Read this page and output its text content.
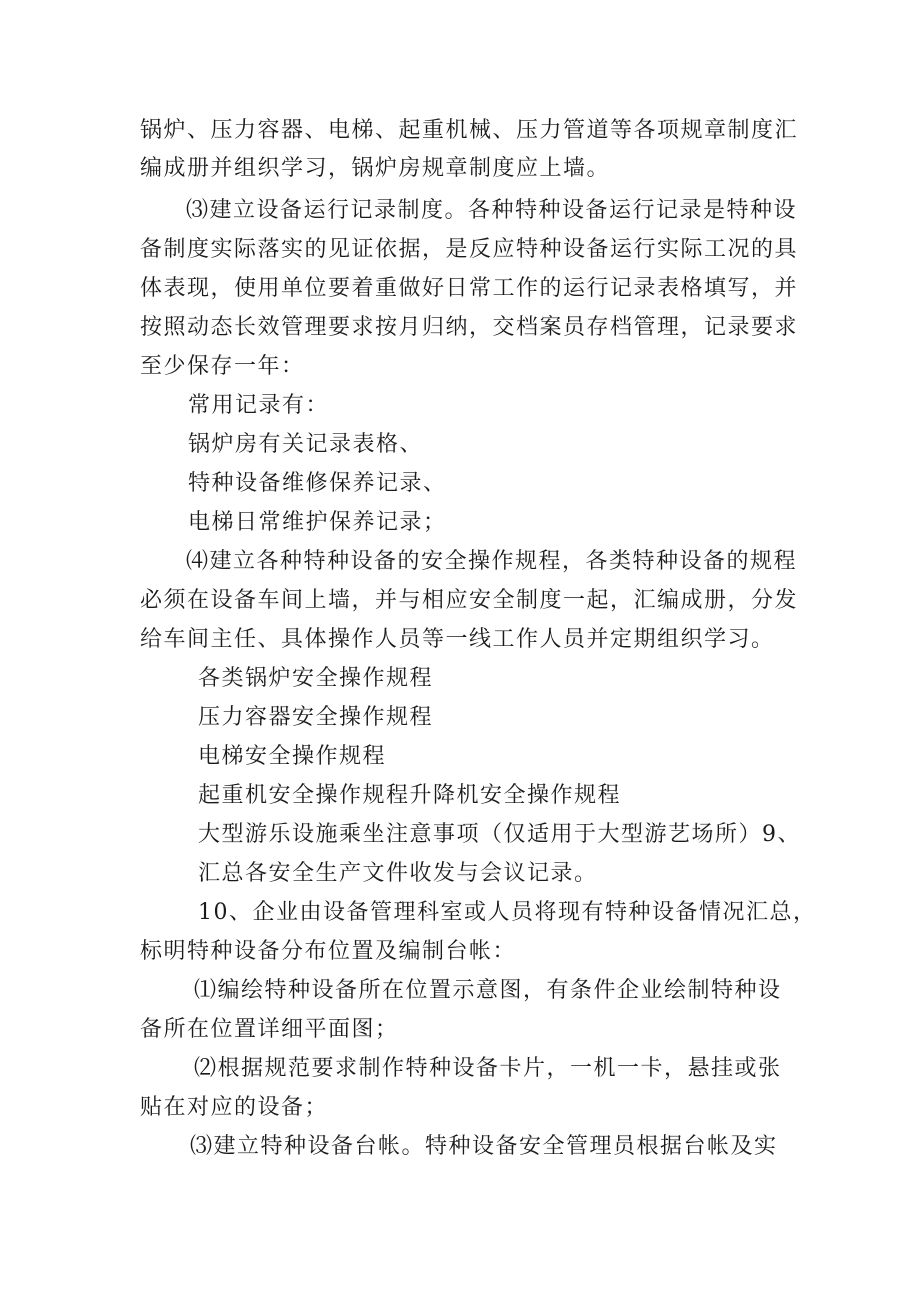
锅炉、压力容器、电梯、起重机械、压力管道等各项规章制度汇
编成册并组织学习，锅炉房规章制度应上墙。
⑶建立设备运行记录制度。各种特种设备运行记录是特种设
备制度实际落实的见证依据，是反应特种设备运行实际工况的具
体表现，使用单位要着重做好日常工作的运行记录表格填写，并
按照动态长效管理要求按月归纳，交档案员存档管理，记录要求
至少保存一年：
常用记录有：
锅炉房有关记录表格、
特种设备维修保养记录、
电梯日常维护保养记录；
⑷建立各种特种设备的安全操作规程，各类特种设备的规程
必须在设备车间上墙，并与相应安全制度一起，汇编成册，分发
给车间主任、具体操作人员等一线工作人员并定期组织学习。
各类锅炉安全操作规程
压力容器安全操作规程
电梯安全操作规程
起重机安全操作规程升降机安全操作规程
大型游乐设施乘坐注意事项（仅适用于大型游艺场所）9、
汇总各安全生产文件收发与会议记录。
10、企业由设备管理科室或人员将现有特种设备情况汇总，
标明特种设备分布位置及编制台帐：
⑴编绘特种设备所在位置示意图，有条件企业绘制特种设
备所在位置详细平面图；
⑵根据规范要求制作特种设备卡片，一机一卡，悬挂或张
贴在对应的设备；
⑶建立特种设备台帐。特种设备安全管理员根据台帐及实
